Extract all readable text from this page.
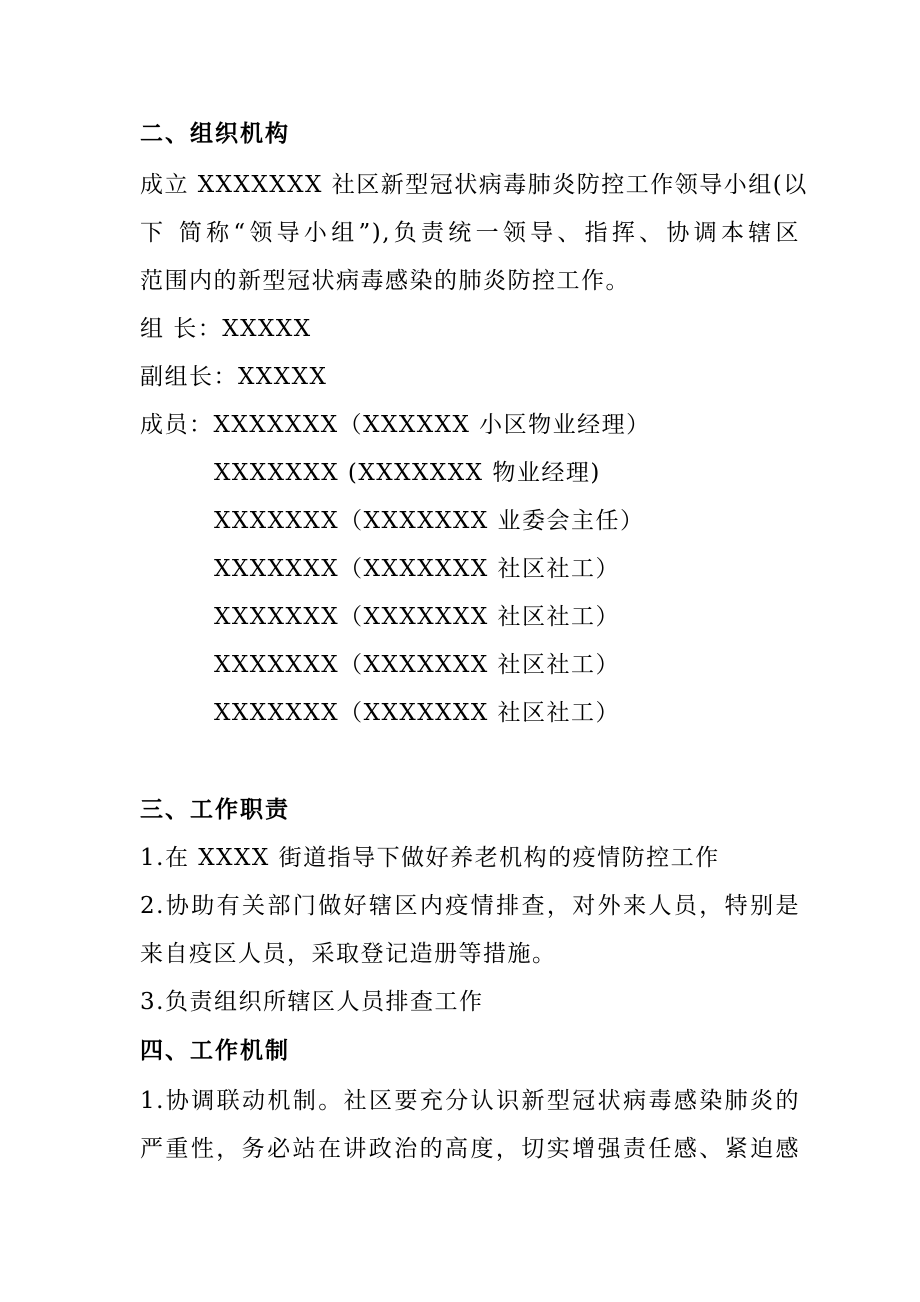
二、组织机构
成立 XXXXXXX 社区新型冠状病毒肺炎防控工作领导小组(以
下 简称“领导小组”),负责统一领导、指挥、协调本辖区
范围内的新型冠状病毒感染的肺炎防控工作。
组 长：XXXXX
副组长：XXXXX
成员：XXXXXXX（XXXXXX 小区物业经理）
XXXXXXX (XXXXXXX 物业经理)
XXXXXXX（XXXXXXX 业委会主任）
XXXXXXX（XXXXXXX 社区社工）
XXXXXXX（XXXXXXX 社区社工）
XXXXXXX（XXXXXXX 社区社工）
XXXXXXX（XXXXXXX 社区社工）
三、工作职责
1.在 XXXX 街道指导下做好养老机构的疫情防控工作
2.协助有关部门做好辖区内疫情排查，对外来人员，特别是
来自疫区人员，采取登记造册等措施。
3.负责组织所辖区人员排查工作
四、工作机制
1.协调联动机制。社区要充分认识新型冠状病毒感染肺炎的
严重性，务必站在讲政治的高度，切实增强责任感、紧迫感
